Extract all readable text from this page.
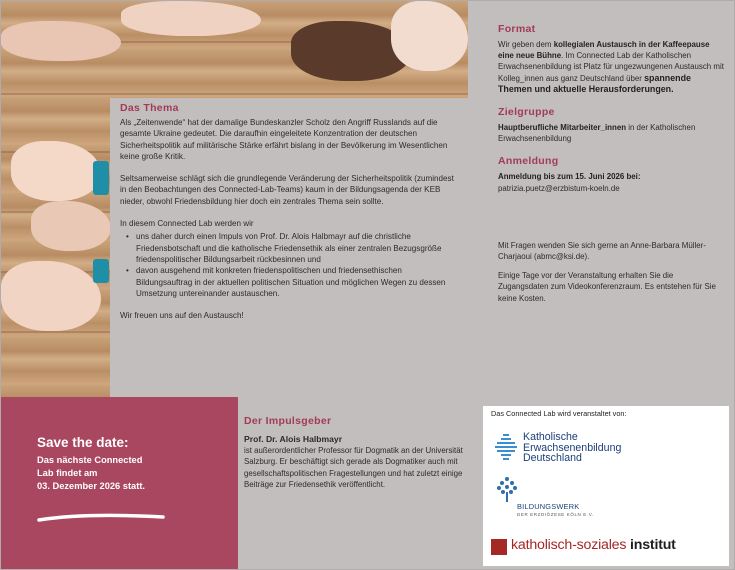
Das Thema

Als „Zeitenwende“ hat der damalige Bundeskanzler Scholz den Angriff Russlands auf die gesamte Ukraine gedeutet. Die daraufhin eingeleitete Konzentration der deutschen Sicherheitspolitik auf militärische Stärke erfährt bislang in der Bevölkerung im Wesentlichen keine große Kritik.

Seltsamerweise schlägt sich die grundlegende Veränderung der Sicherheitspolitik (zumindest in den Beobachtungen des Connected-Lab-Teams) kaum in der Bildungsagenda der KEB nieder, obwohl Friedensbildung hier doch ein zentrales Thema sein sollte.

In diesem Connected Lab werden wir

• uns daher durch einen Impuls von Prof. Dr. Alois Halbmayr auf die christliche Friedensbotschaft und die katholische Friedensethik als einer zentralen Bezugsgröße friedenspolitischer Bildungsarbeit rückbesinnen und
• davon ausgehend mit konkreten friedenspolitischen und friedensethischen Bildungsauftrag in der aktuellen politischen Situation und möglichen Wegen zu dessen Umsetzung untereinander austauschen.

Wir freuen uns auf den Austausch!

Format
Wir geben dem kollegialen Austausch in der Kaffeepause eine neue Bühne. Im Connected Lab der Katholischen Erwachsenenbildung ist Platz für ungezwungenen Austausch mit Kolleg_innen aus ganz Deutschland über spannende Themen und aktuelle Herausforderungen.
Zielgruppe
Hauptberufliche Mitarbeiter_innen in der Katholischen Erwachsenenbildung
Anmeldung
Anmeldung bis zum 15. Juni 2026 bei:
patrizia.puetz@erzbistum-koeln.de
Mit Fragen wenden Sie sich gerne an Anne-Barbara Müller-Charjaoui (abmc@ksi.de).
Einige Tage vor der Veranstaltung erhalten Sie die Zugangsdaten zum Videokonferenzraum. Es entstehen für Sie keine Kosten.
Save the date:
Das nächste Connected
Lab findet am
03. Dezember 2026 statt.
Der Impulsgeber
Prof. Dr. Alois Halbmayr
ist außerordentlicher Professor für Dogmatik an der Universität Salzburg. Er beschäftigt sich gerade als Dogmatiker auch mit gesellschaftspolitischen Fragestellungen und hat zuletzt einige Beiträge zur Friedensethik veröffentlicht.
Das Connected Lab wird veranstaltet von:
Katholische
Erwachsenenbildung
Deutschland
BILDUNGSWERK
DER ERZDIÖZESE KÖLN E.V.
katholisch-soziales institut
